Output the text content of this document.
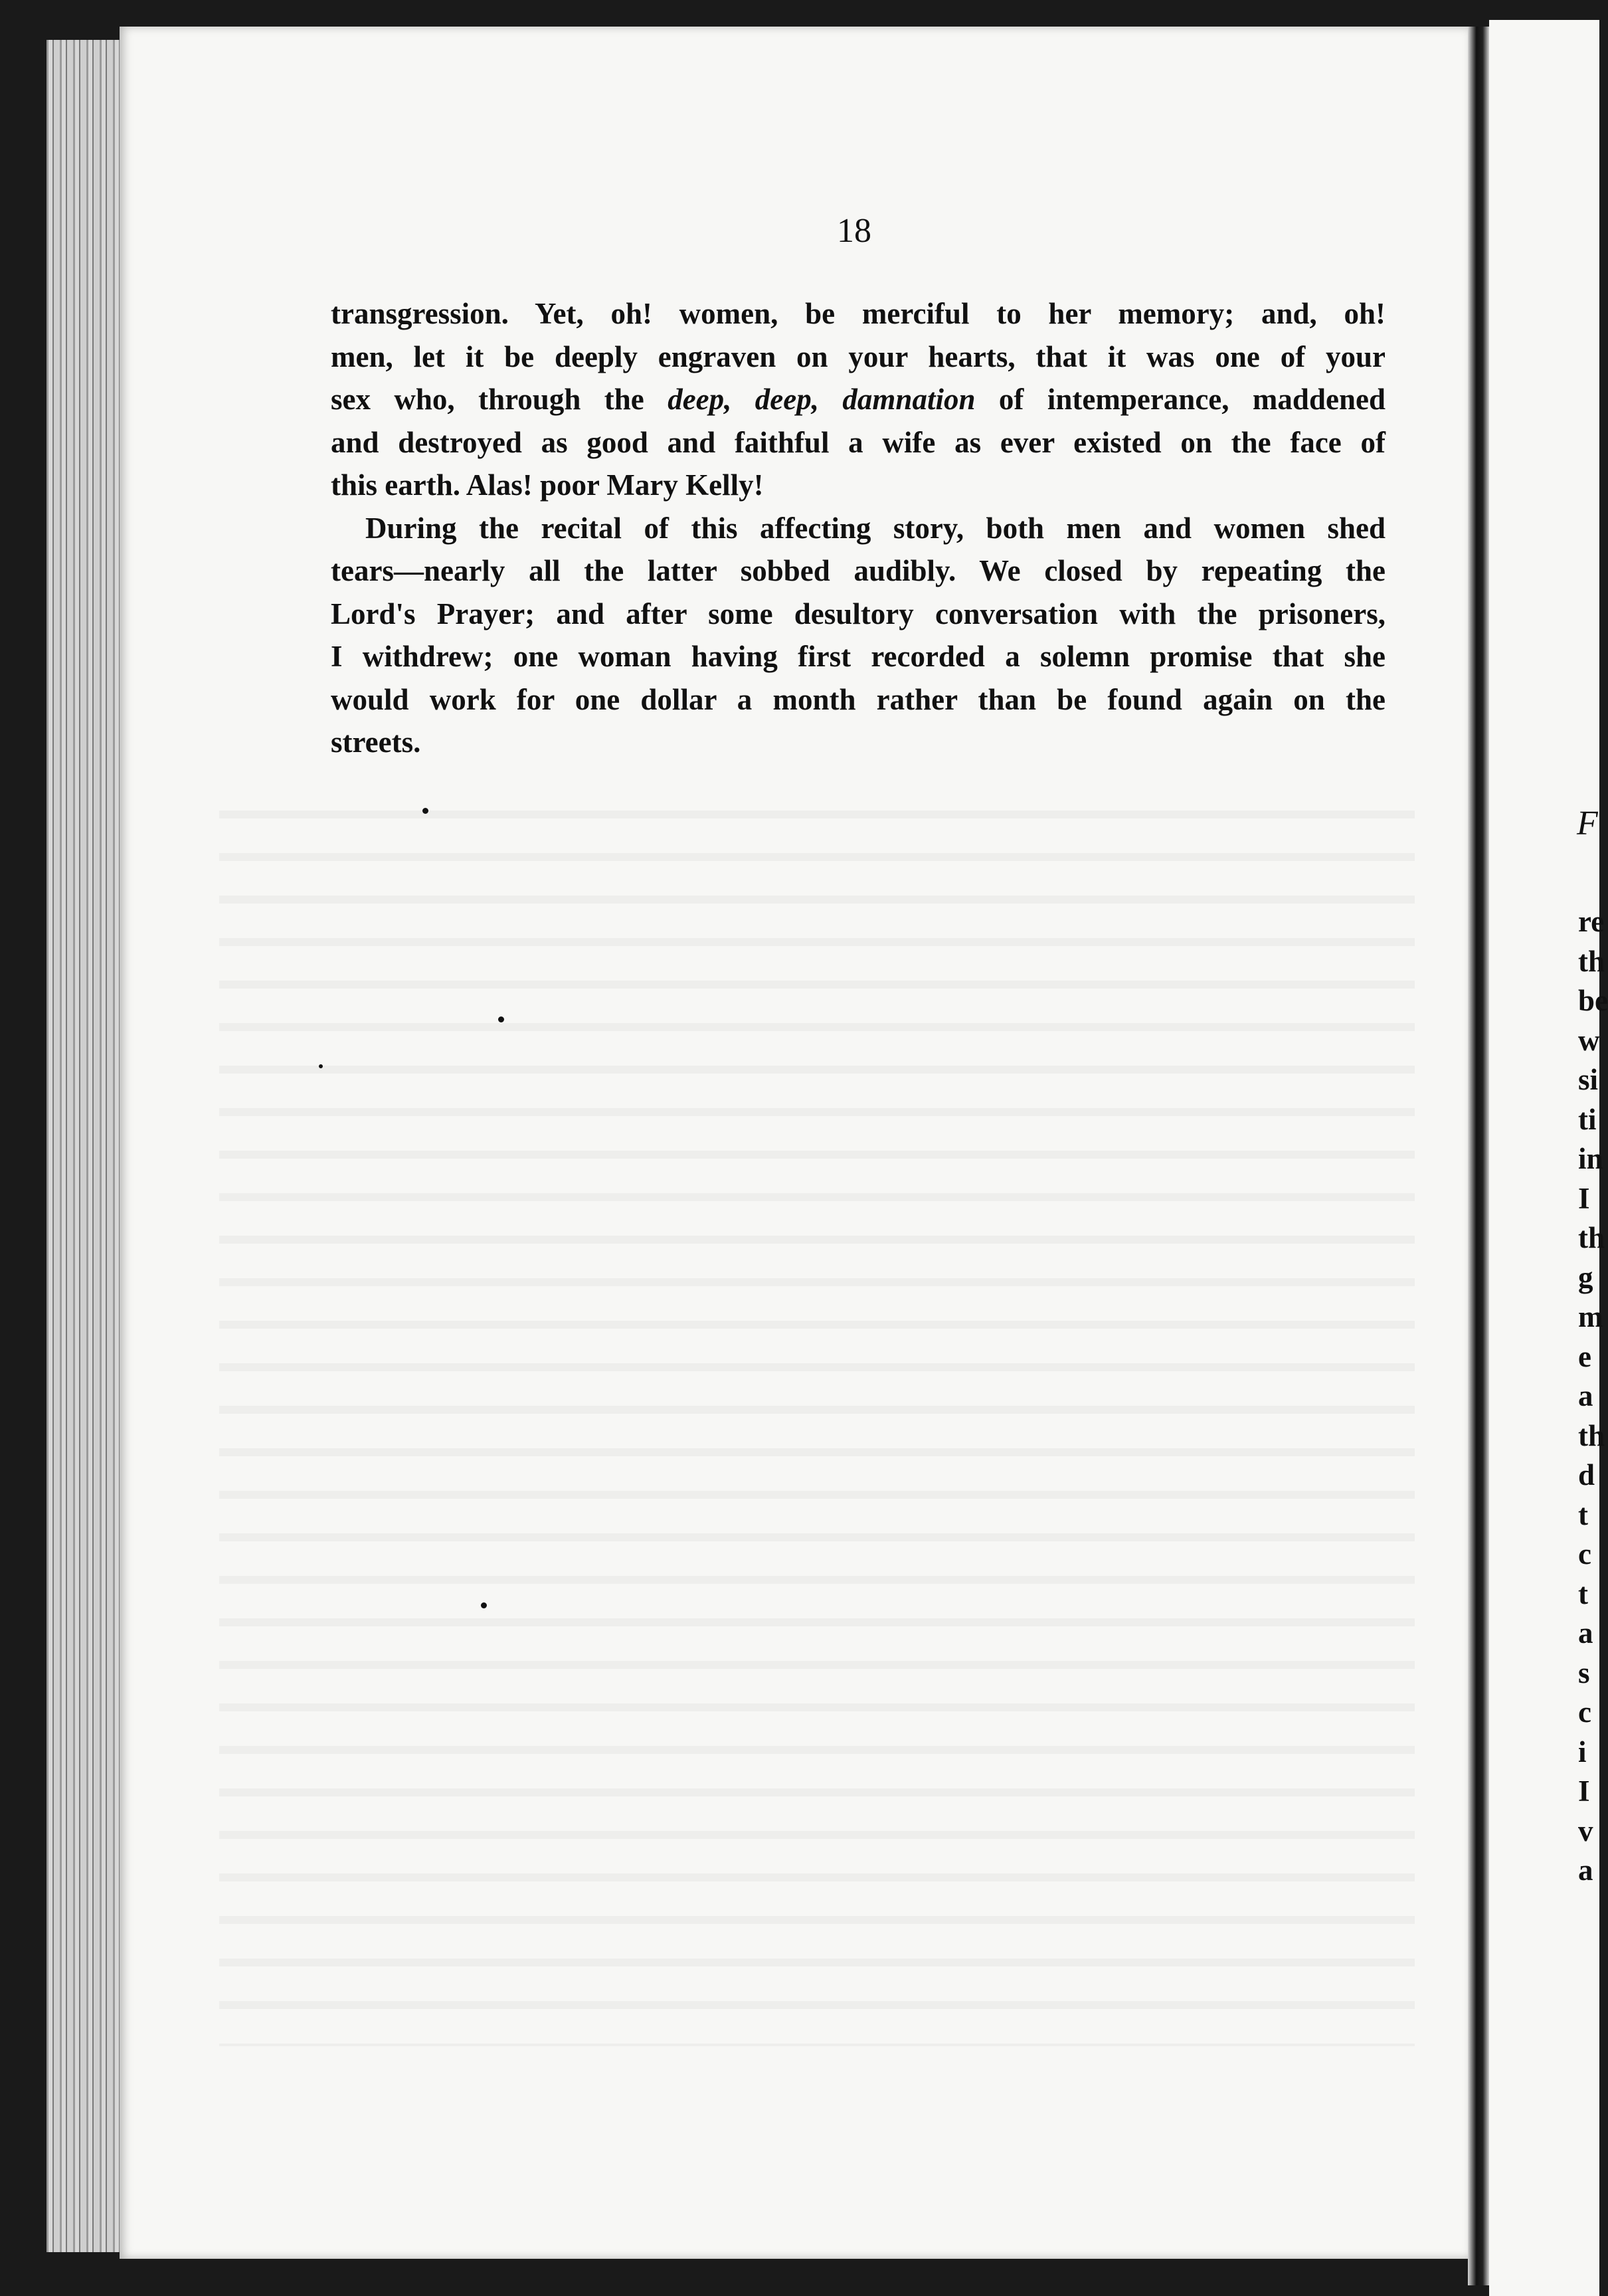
18
transgression. Yet, oh! women, be merciful to her memory; and, oh!
men, let it be deeply engraven on your hearts, that it was one of your
sex who, through the deep, deep, damnation of intemperance, maddened
and destroyed as good and faithful a wife as ever existed on the face of
this earth. Alas! poor Mary Kelly!
During the recital of this affecting story, both men and women shed
tears—nearly all the latter sobbed audibly. We closed by repeating the
Lord's Prayer; and after some desultory conversation with the prisoners,
I withdrew; one woman having first recorded a solemn promise that she
would work for one dollar a month rather than be found again on the
streets.
F
re
th
be
w
si
ti
in
I
th
g
m
e
a
th
d
t
c
t
a
s
c
i
I
v
a
